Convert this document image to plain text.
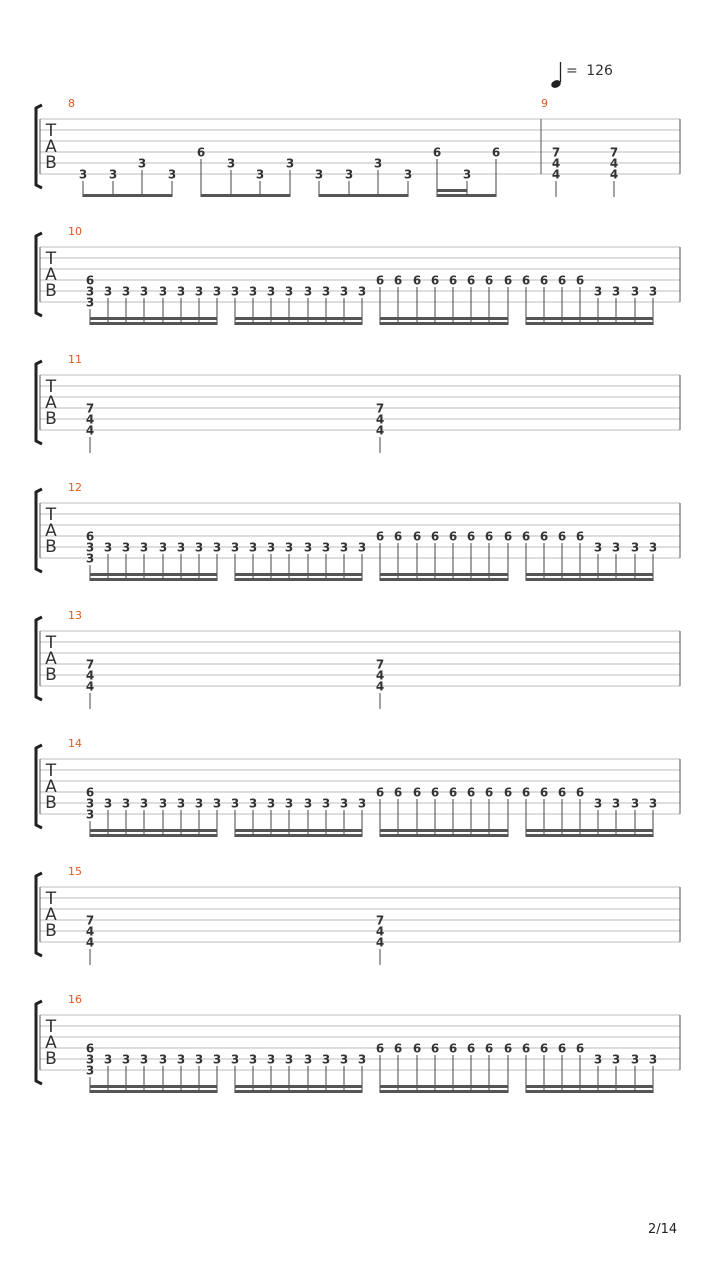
= 126
T
A
B
8
3 3
3
3
6
3
3
3
3 3
3
3
6
3
6
9
7
4
4
7
4
4
T
A
B
10
6
3
3
3 3 3 3 3 3 3 3 3 3 3 3 3 3 3
6 6 6 6 6 6 6 6 6 6 6 6
3 3 3 3
T
A
B
11
7
4
4
7
4
4
T
A
B
12
6
3
3
3 3 3 3 3 3 3 3 3 3 3 3 3 3 3
6 6 6 6 6 6 6 6 6 6 6 6
3 3 3 3
T
A
B
13
7
4
4
7
4
4
T
A
B
14
6
3
3
3 3 3 3 3 3 3 3 3 3 3 3 3 3 3
6 6 6 6 6 6 6 6 6 6 6 6
3 3 3 3
T
A
B
15
7
4
4
7
4
4
T
A
B
16
6
3
3
3 3 3 3 3 3 3 3 3 3 3 3 3 3 3
6 6 6 6 6 6 6 6 6 6 6 6
3 3 3 3
2/14
